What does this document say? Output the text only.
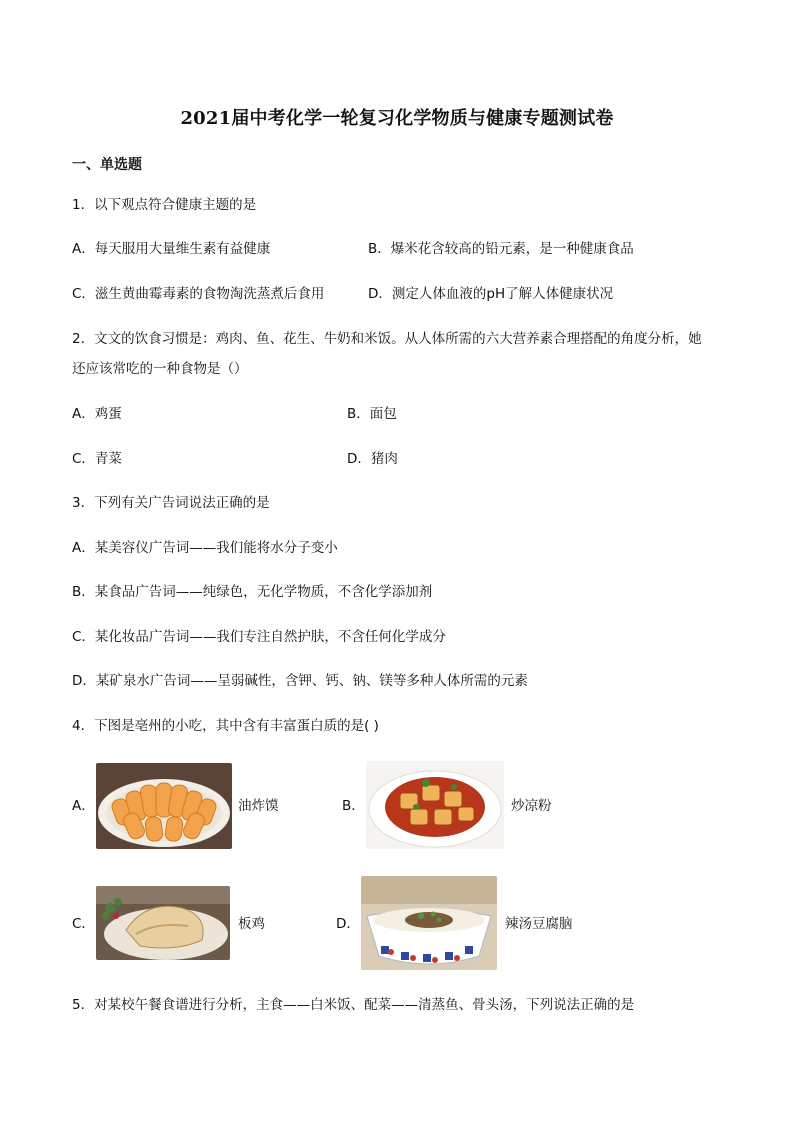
2021届中考化学一轮复习化学物质与健康专题测试卷
一、单选题
1．以下观点符合健康主题的是
A．每天服用大量维生素有益健康	B．爆米花含较高的铅元素，是一种健康食品
C．滋生黄曲霉毒素的食物淘洗蒸煮后食用	D．测定人体血液的pH了解人体健康状况
2．文文的饮食习惯是：鸡肉、鱼、花生、牛奶和米饭。从人体所需的六大营养素合理搭配的角度分析，她
还应该常吃的一种食物是（）
A．鸡蛋	B．面包
C．青菜	D．猪肉
3．下列有关广告词说法正确的是
A．某美容仪广告词——我们能将水分子变小
B．某食品广告词——纯绿色，无化学物质，不含化学添加剂
C．某化妆品广告词——我们专注自然护肤，不含任何化学成分
D．某矿泉水广告词——呈弱碱性，含钾、钙、钠、镁等多种人体所需的元素
4．下图是亳州的小吃，其中含有丰富蛋白质的是( )
A．	油炸馍	B．	炒凉粉
C．	板鸡	D．	辣汤豆腐脑
5．对某校午餐食谱进行分析，主食——白米饭、配菜——清蒸鱼、骨头汤，下列说法正确的是
